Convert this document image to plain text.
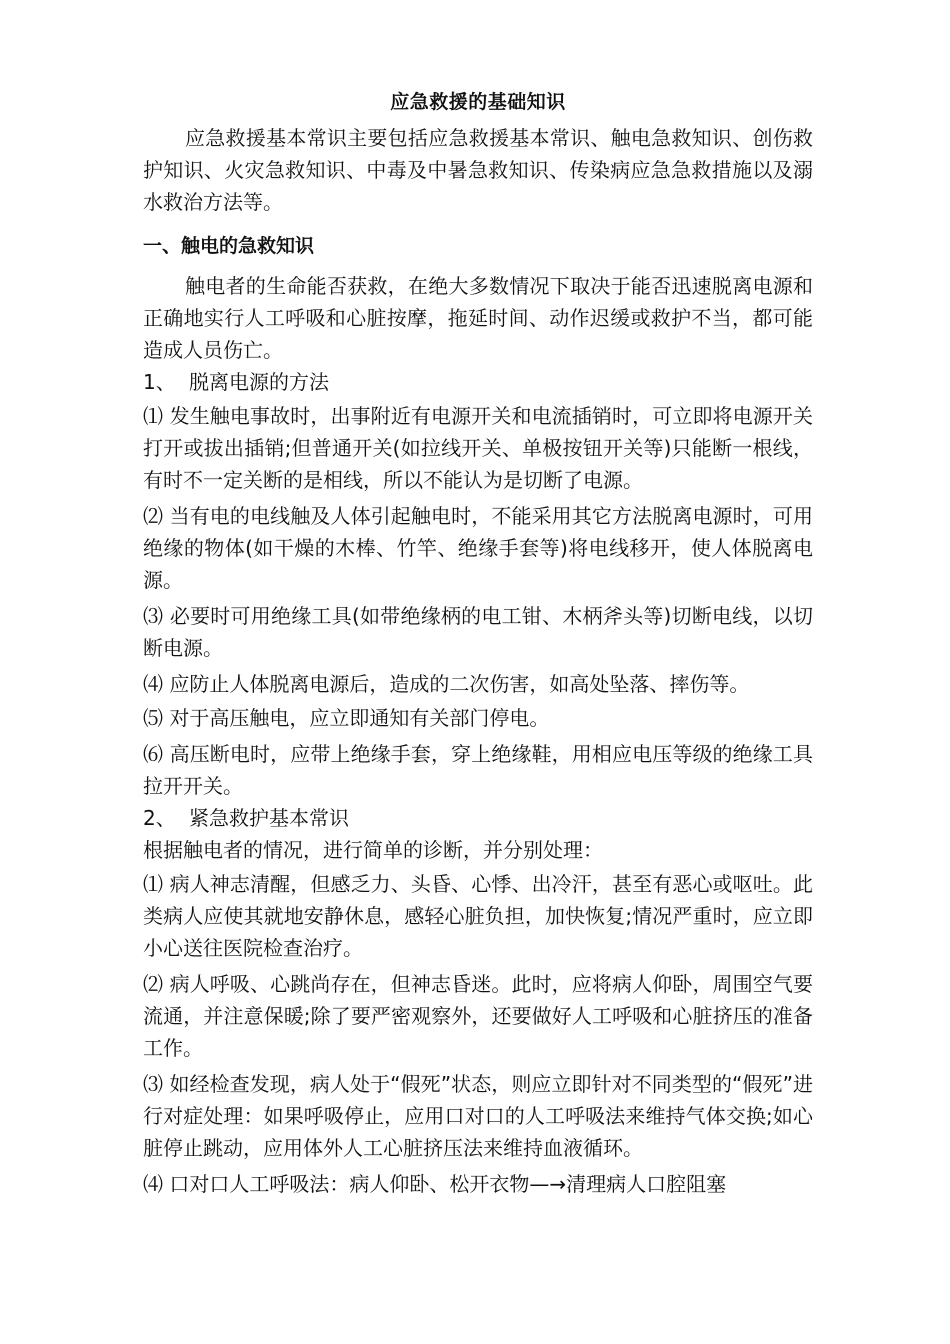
应急救援的基础知识

应急救援基本常识主要包括应急救援基本常识、触电急救知识、创伤救护知识、火灾急救知识、中毒及中暑急救知识、传染病应急急救措施以及溺水救治方法等。

一、触电的急救知识

触电者的生命能否获救，在绝大多数情况下取决于能否迅速脱离电源和正确地实行人工呼吸和心脏按摩，拖延时间、动作迟缓或救护不当，都可能造成人员伤亡。

1、 脱离电源的方法

⑴ 发生触电事故时，出事附近有电源开关和电流插销时，可立即将电源开关打开或拔出插销;但普通开关(如拉线开关、单极按钮开关等)只能断一根线，有时不一定关断的是相线，所以不能认为是切断了电源。

⑵ 当有电的电线触及人体引起触电时，不能采用其它方法脱离电源时，可用绝缘的物体(如干燥的木棒、竹竿、绝缘手套等)将电线移开，使人体脱离电源。

⑶ 必要时可用绝缘工具(如带绝缘柄的电工钳、木柄斧头等)切断电线，以切断电源。

⑷ 应防止人体脱离电源后，造成的二次伤害，如高处坠落、摔伤等。

⑸ 对于高压触电，应立即通知有关部门停电。

⑹ 高压断电时，应带上绝缘手套，穿上绝缘鞋，用相应电压等级的绝缘工具拉开开关。

2、 紧急救护基本常识

根据触电者的情况，进行简单的诊断，并分别处理：

⑴ 病人神志清醒，但感乏力、头昏、心悸、出冷汗，甚至有恶心或呕吐。此类病人应使其就地安静休息，感轻心脏负担，加快恢复;情况严重时，应立即小心送往医院检查治疗。

⑵ 病人呼吸、心跳尚存在，但神志昏迷。此时，应将病人仰卧，周围空气要流通，并注意保暖;除了要严密观察外，还要做好人工呼吸和心脏挤压的准备工作。

⑶ 如经检查发现，病人处于“假死”状态，则应立即针对不同类型的“假死”进行对症处理：如果呼吸停止，应用口对口的人工呼吸法来维持气体交换;如心脏停止跳动，应用体外人工心脏挤压法来维持血液循环。

⑷ 口对口人工呼吸法：病人仰卧、松开衣物—→清理病人口腔阻塞
